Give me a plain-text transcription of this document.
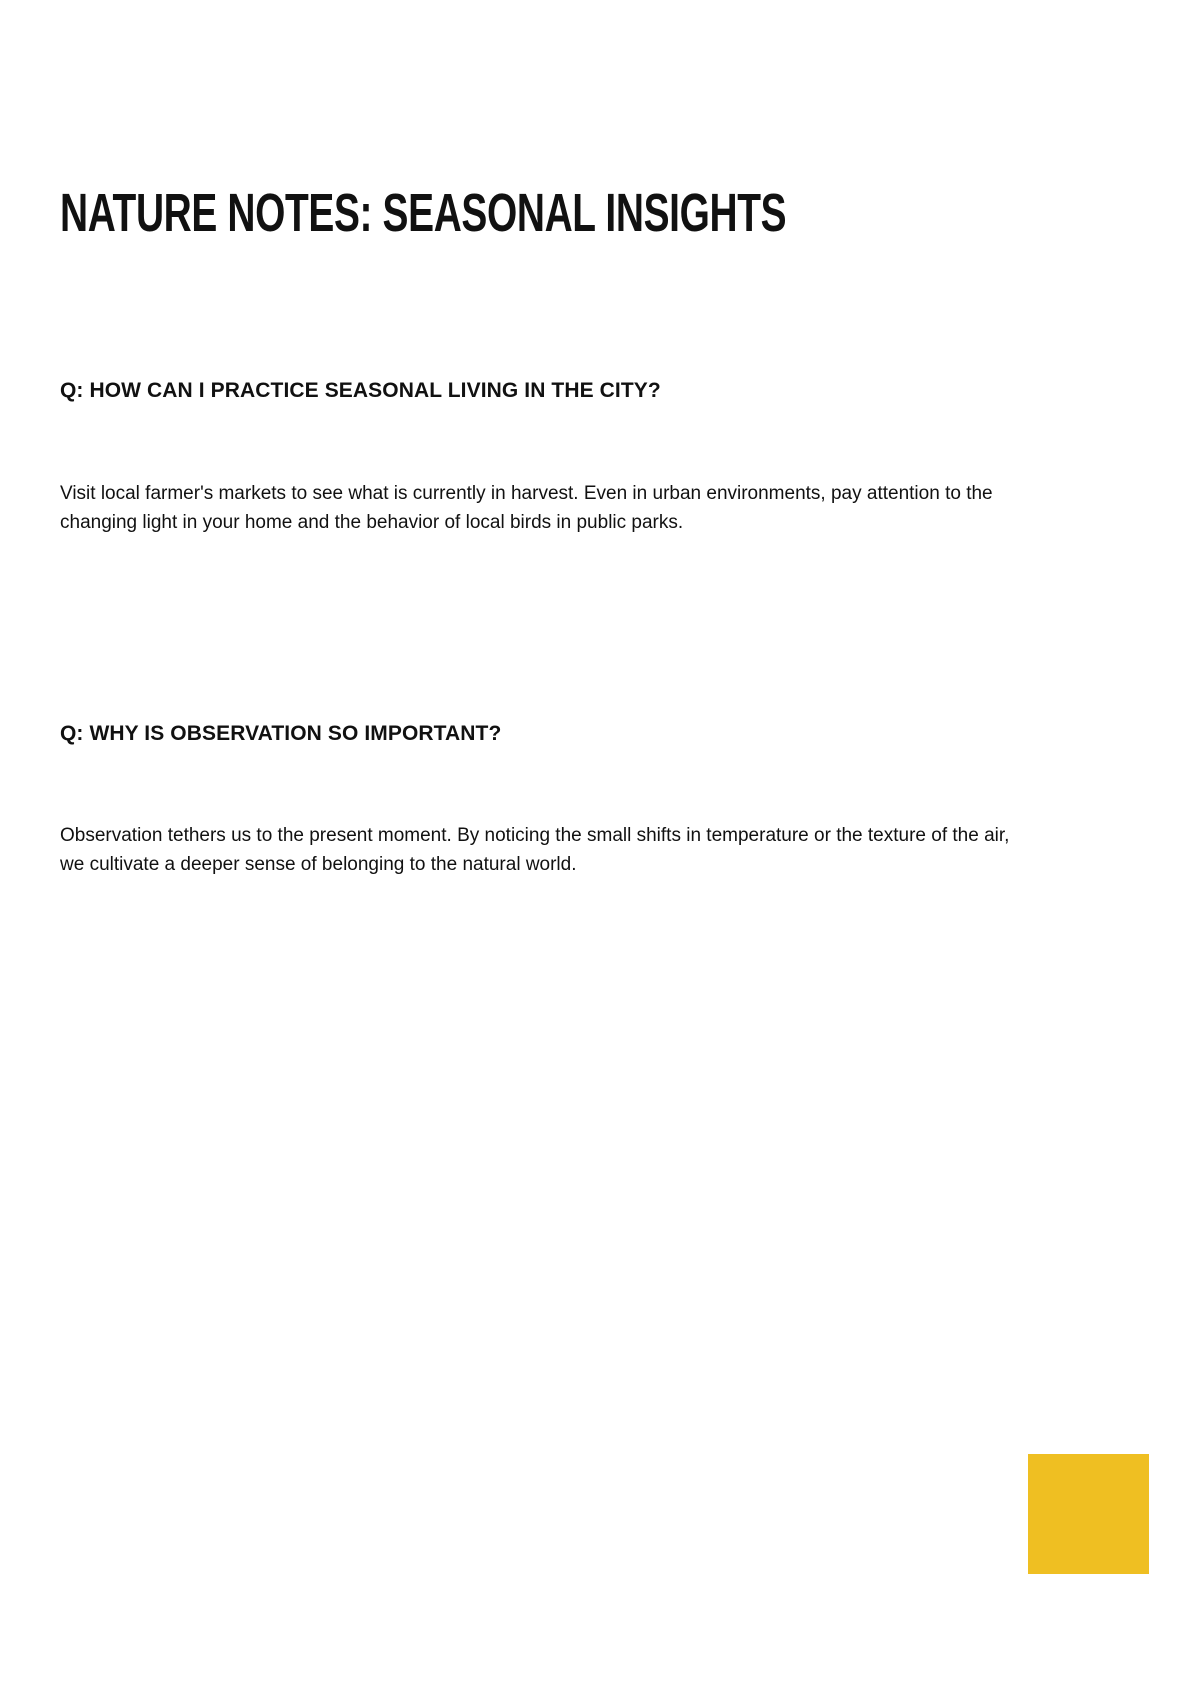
NATURE NOTES: SEASONAL INSIGHTS
Q: HOW CAN I PRACTICE SEASONAL LIVING IN THE CITY?

Visit local farmer's markets to see what is currently in harvest. Even in urban environments, pay attention to the changing light in your home and the behavior of local birds in public parks.

Q: WHY IS OBSERVATION SO IMPORTANT?

Observation tethers us to the present moment. By noticing the small shifts in temperature or the texture of the air, we cultivate a deeper sense of belonging to the natural world.
